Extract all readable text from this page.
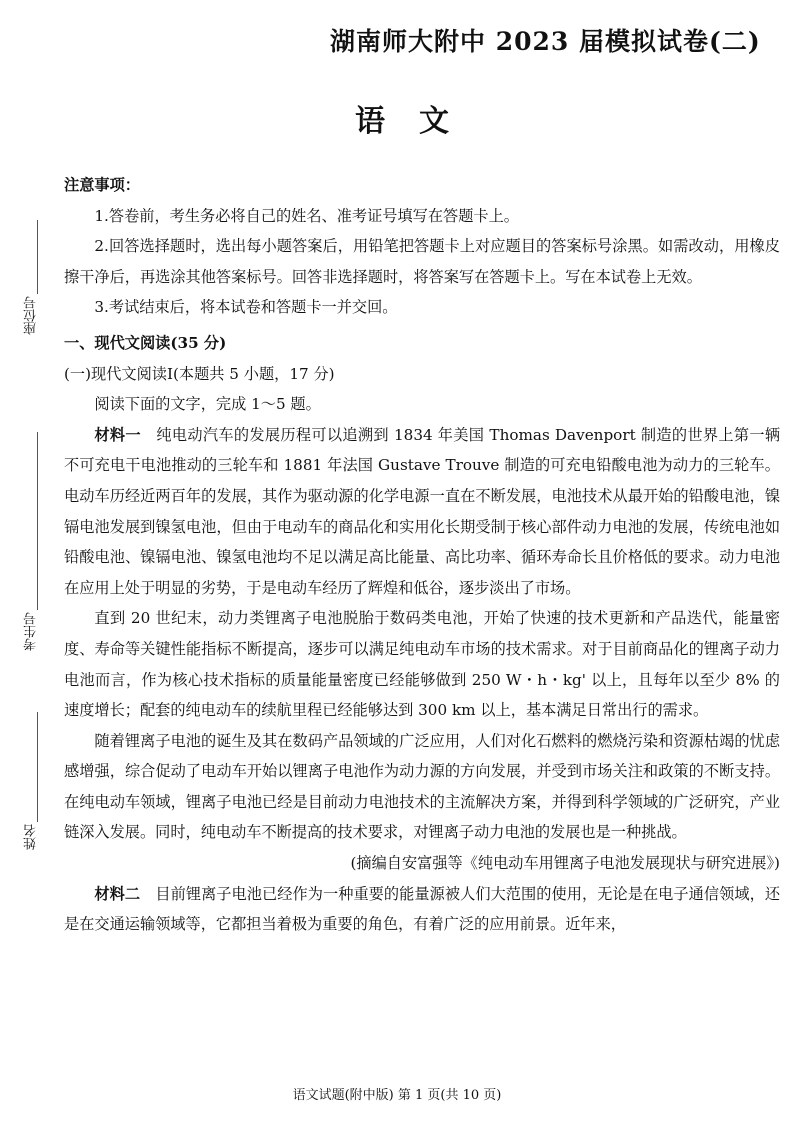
湖南师大附中 2023 届模拟试卷(二)
语文
座位号
考生号
姓名

注意事项：

1.答卷前，考生务必将自己的姓名、准考证号填写在答题卡上。

2.回答选择题时，选出每小题答案后，用铅笔把答题卡上对应题目的答案标号涂黑。如需改动，用橡皮擦干净后，再选涂其他答案标号。回答非选择题时，将答案写在答题卡上。写在本试卷上无效。

3.考试结束后，将本试卷和答题卡一并交回。

一、现代文阅读(35 分)

(一)现代文阅读Ⅰ(本题共 5 小题，17 分)

阅读下面的文字，完成 1～5 题。

材料一　 纯电动汽车的发展历程可以追溯到 1834 年美国 Thomas Davenport 制造的世界上第一辆不可充电干电池推动的三轮车和 1881 年法国 Gustave Trouve 制造的可充电铅酸电池为动力的三轮车。电动车历经近两百年的发展，其作为驱动源的化学电源一直在不断发展，电池技术从最开始的铅酸电池，镍镉电池发展到镍氢电池，但由于电动车的商品化和实用化长期受制于核心部件动力电池的发展，传统电池如铅酸电池、镍镉电池、镍氢电池均不足以满足高比能量、高比功率、循环寿命长且价格低的要求。动力电池在应用上处于明显的劣势，于是电动车经历了辉煌和低谷，逐步淡出了市场。

直到 20 世纪末，动力类锂离子电池脱胎于数码类电池，开始了快速的技术更新和产品迭代，能量密度、寿命等关键性能指标不断提高，逐步可以满足纯电动车市场的技术需求。对于目前商品化的锂离子动力电池而言，作为核心技术指标的质量能量密度已经能够做到 250 W・h・kg' 以上，且每年以至少 8% 的速度增长；配套的纯电动车的续航里程已经能够达到 300 km 以上，基本满足日常出行的需求。

随着锂离子电池的诞生及其在数码产品领域的广泛应用，人们对化石燃料的燃烧污染和资源枯竭的忧虑感增强，综合促动了电动车开始以锂离子电池作为动力源的方向发展，并受到市场关注和政策的不断支持。在纯电动车领域，锂离子电池已经是目前动力电池技术的主流解决方案，并得到科学领域的广泛研究，产业链深入发展。同时，纯电动车不断提高的技术要求，对锂离子动力电池的发展也是一种挑战。

(摘编自安富强等《纯电动车用锂离子电池发展现状与研究进展》)

材料二　 目前锂离子电池已经作为一种重要的能量源被人们大范围的使用，无论是在电子通信领域，还是在交通运输领域等，它都担当着极为重要的角色，有着广泛的应用前景。近年来，

语文试题(附中版) 第 1 页(共 10 页)
